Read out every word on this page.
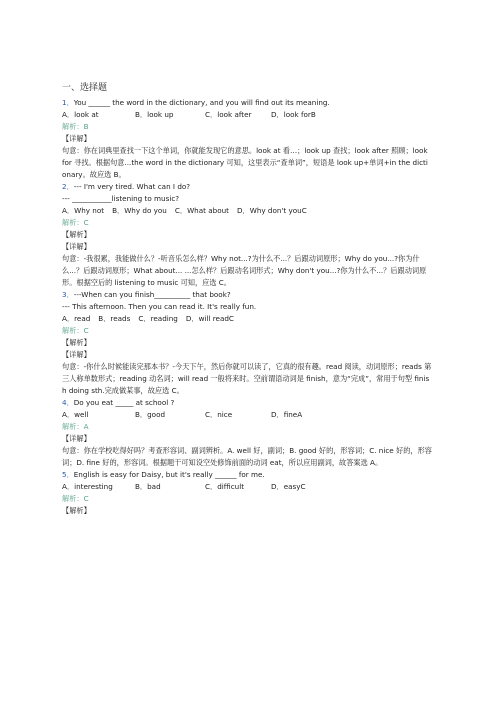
一、选择题
1．You ______ the word in the dictionary, and you will find out its meaning.
A．look at	B．look up	C．look after	D．look forB
解析：B
【详解】
句意：你在词典里查找一下这个单词，你就能发现它的意思。look at 看…；look up 查找；look after 照顾；look for 寻找。根据句意...the word in the dictionary 可知，这里表示“查单词”，短语是 look up+单词+in the dictionary。故应选 B。
2．--- I'm very tired. What can I do?
--- ___________listening to music?
A．Why not B．Why do you C．What about D．Why don't youC
解析：C
【解析】
【详解】
句意：-我很累，我能做什么？-听音乐怎么样？Why not...?为什么不...？后跟动词原形；Why do you...?你为什么...？后跟动词原形；What about... ...怎么样？后跟动名词形式；Why don't you...?你为什么不...？后跟动词原形。根据空后的 listening to music 可知，应选 C。
3．---When can you finish__________ that book?
--- This afternoon. Then you can read it. It's really fun.
A．read B．reads C．reading D．will readC
解析：C
【解析】
【详解】
句意：-你什么时候能读完那本书？-今天下午，然后你就可以读了，它真的很有趣。read 阅读，动词原形；reads 第三人称单数形式；reading 动名词；will read 一般将来时。空前谓语动词是 finish，意为“完成”，常用于句型 finish doing sth.完成做某事，故应选 C。
4．Do you eat _____ at school ?
A．well	B．good	C．nice	D．fineA
解析：A
【详解】
句意：你在学校吃得好吗？考查形容词、副词辨析。A. well 好，副词；B. good 好的，形容词；C. nice 好的，形容词；D. fine 好的，形容词。根据题干可知设空处修饰前面的动词 eat，所以应用副词，故答案选 A。
5．English is easy for Daisy, but it's really ______ for me.
A．interesting	B．bad	C．difficult	D．easyC
解析：C
【解析】
